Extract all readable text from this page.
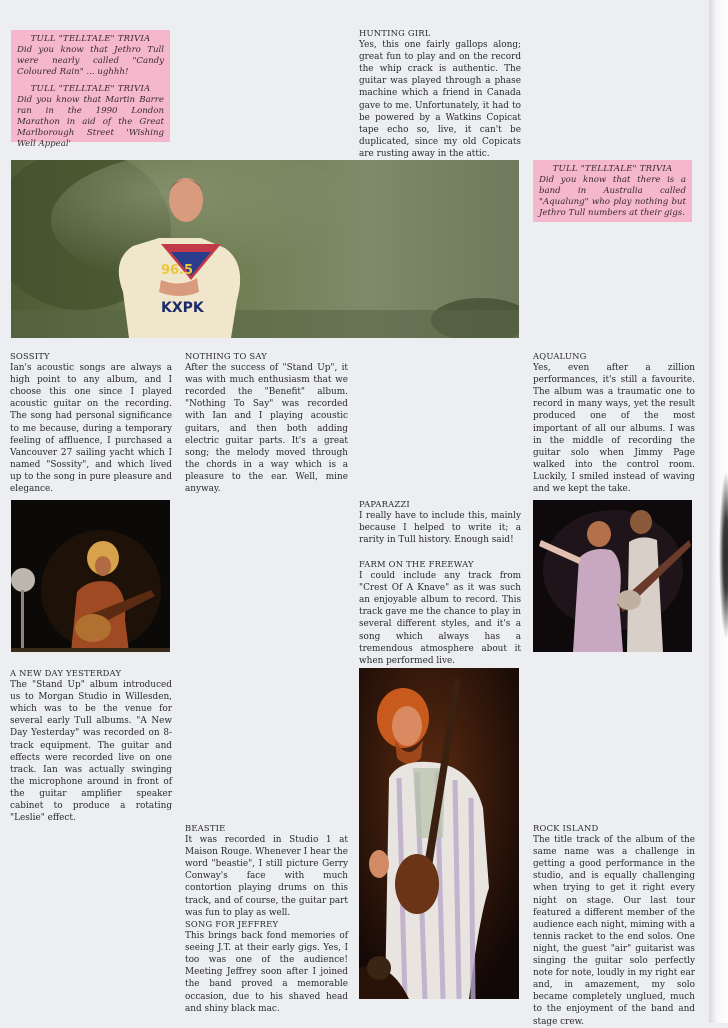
TULL "TELLTALE" TRIVIA
Did you know that Jethro Tull were nearly called "Candy Coloured Rain" ... ughhh!
TULL "TELLTALE" TRIVIA
Did you know that Martin Barre ran in the 1990 London Marathon in aid of the Great Marlborough Street 'Wishing Well Appeal'
TULL "TELLTALE" TRIVIA
Did you know that there is a band in Australia called "Aqualung" who play nothing but Jethro Tull numbers at their gigs.
HUNTING GIRL
Yes, this one fairly gallops along; great fun to play and on the record the whip crack is authentic. The guitar was played through a phase machine which a friend in Canada gave to me. Unfortunately, it had to be powered by a Watkins Copicat tape echo so, live, it can't be duplicated, since my old Copicats are rusting away in the attic.
96.5
KXPK
SOSSITY
Ian's acoustic songs are always a high point to any album, and I choose this one since I played acoustic guitar on the recording. The song had personal significance to me because, during a temporary feeling of affluence, I purchased a Vancouver 27 sailing yacht which I named "Sossity", and which lived up to the song in pure pleasure and elegance.
NOTHING TO SAY
After the success of "Stand Up", it was with much enthusiasm that we recorded the "Benefit" album. "Nothing To Say" was recorded with Ian and I playing acoustic guitars, and then both adding electric guitar parts. It's a great song; the melody moved through the chords in a way which is a pleasure to the ear. Well, mine anyway.
AQUALUNG
Yes, even after a zillion performances, it's still a favourite. The album was a traumatic one to record in many ways, yet the result produced one of the most important of all our albums. I was in the middle of recording the guitar solo when Jimmy Page walked into the control room. Luckily, I smiled instead of waving and we kept the take.
PAPARAZZI
I really have to include this, mainly because I helped to write it; a rarity in Tull history. Enough said!
FARM ON THE FREEWAY
I could include any track from "Crest Of A Knave" as it was such an enjoyable album to record. This track gave me the chance to play in several different styles, and it's a song which always has a tremendous atmosphere about it when performed live.
A NEW DAY YESTERDAY
The "Stand Up" album introduced us to Morgan Studio in Willesden, which was to be the venue for several early Tull albums. "A New Day Yesterday" was recorded on 8-track equipment. The guitar and effects were recorded live on one track. Ian was actually swinging the microphone around in front of the guitar amplifier speaker cabinet to produce a rotating "Leslie" effect.
BEASTIE
It was recorded in Studio 1 at Maison Rouge. Whenever I hear the word "beastie", I still picture Gerry Conway's face with much contortion playing drums on this track, and of course, the guitar part was fun to play as well.
SONG FOR JEFFREY
This brings back fond memories of seeing J.T. at their early gigs. Yes, I too was one of the audience! Meeting Jeffrey soon after I joined the band proved a memorable occasion, due to his shaved head and shiny black mac.
ROCK ISLAND
The title track of the album of the same name was a challenge in getting a good performance in the studio, and is equally challenging when trying to get it right every night on stage. Our last tour featured a different member of the audience each night, miming with a tennis racket to the end solos. One night, the guest "air" guitarist was singing the guitar solo perfectly note for note, loudly in my right ear and, in amazement, my solo became completely unglued, much to the enjoyment of the band and stage crew.
